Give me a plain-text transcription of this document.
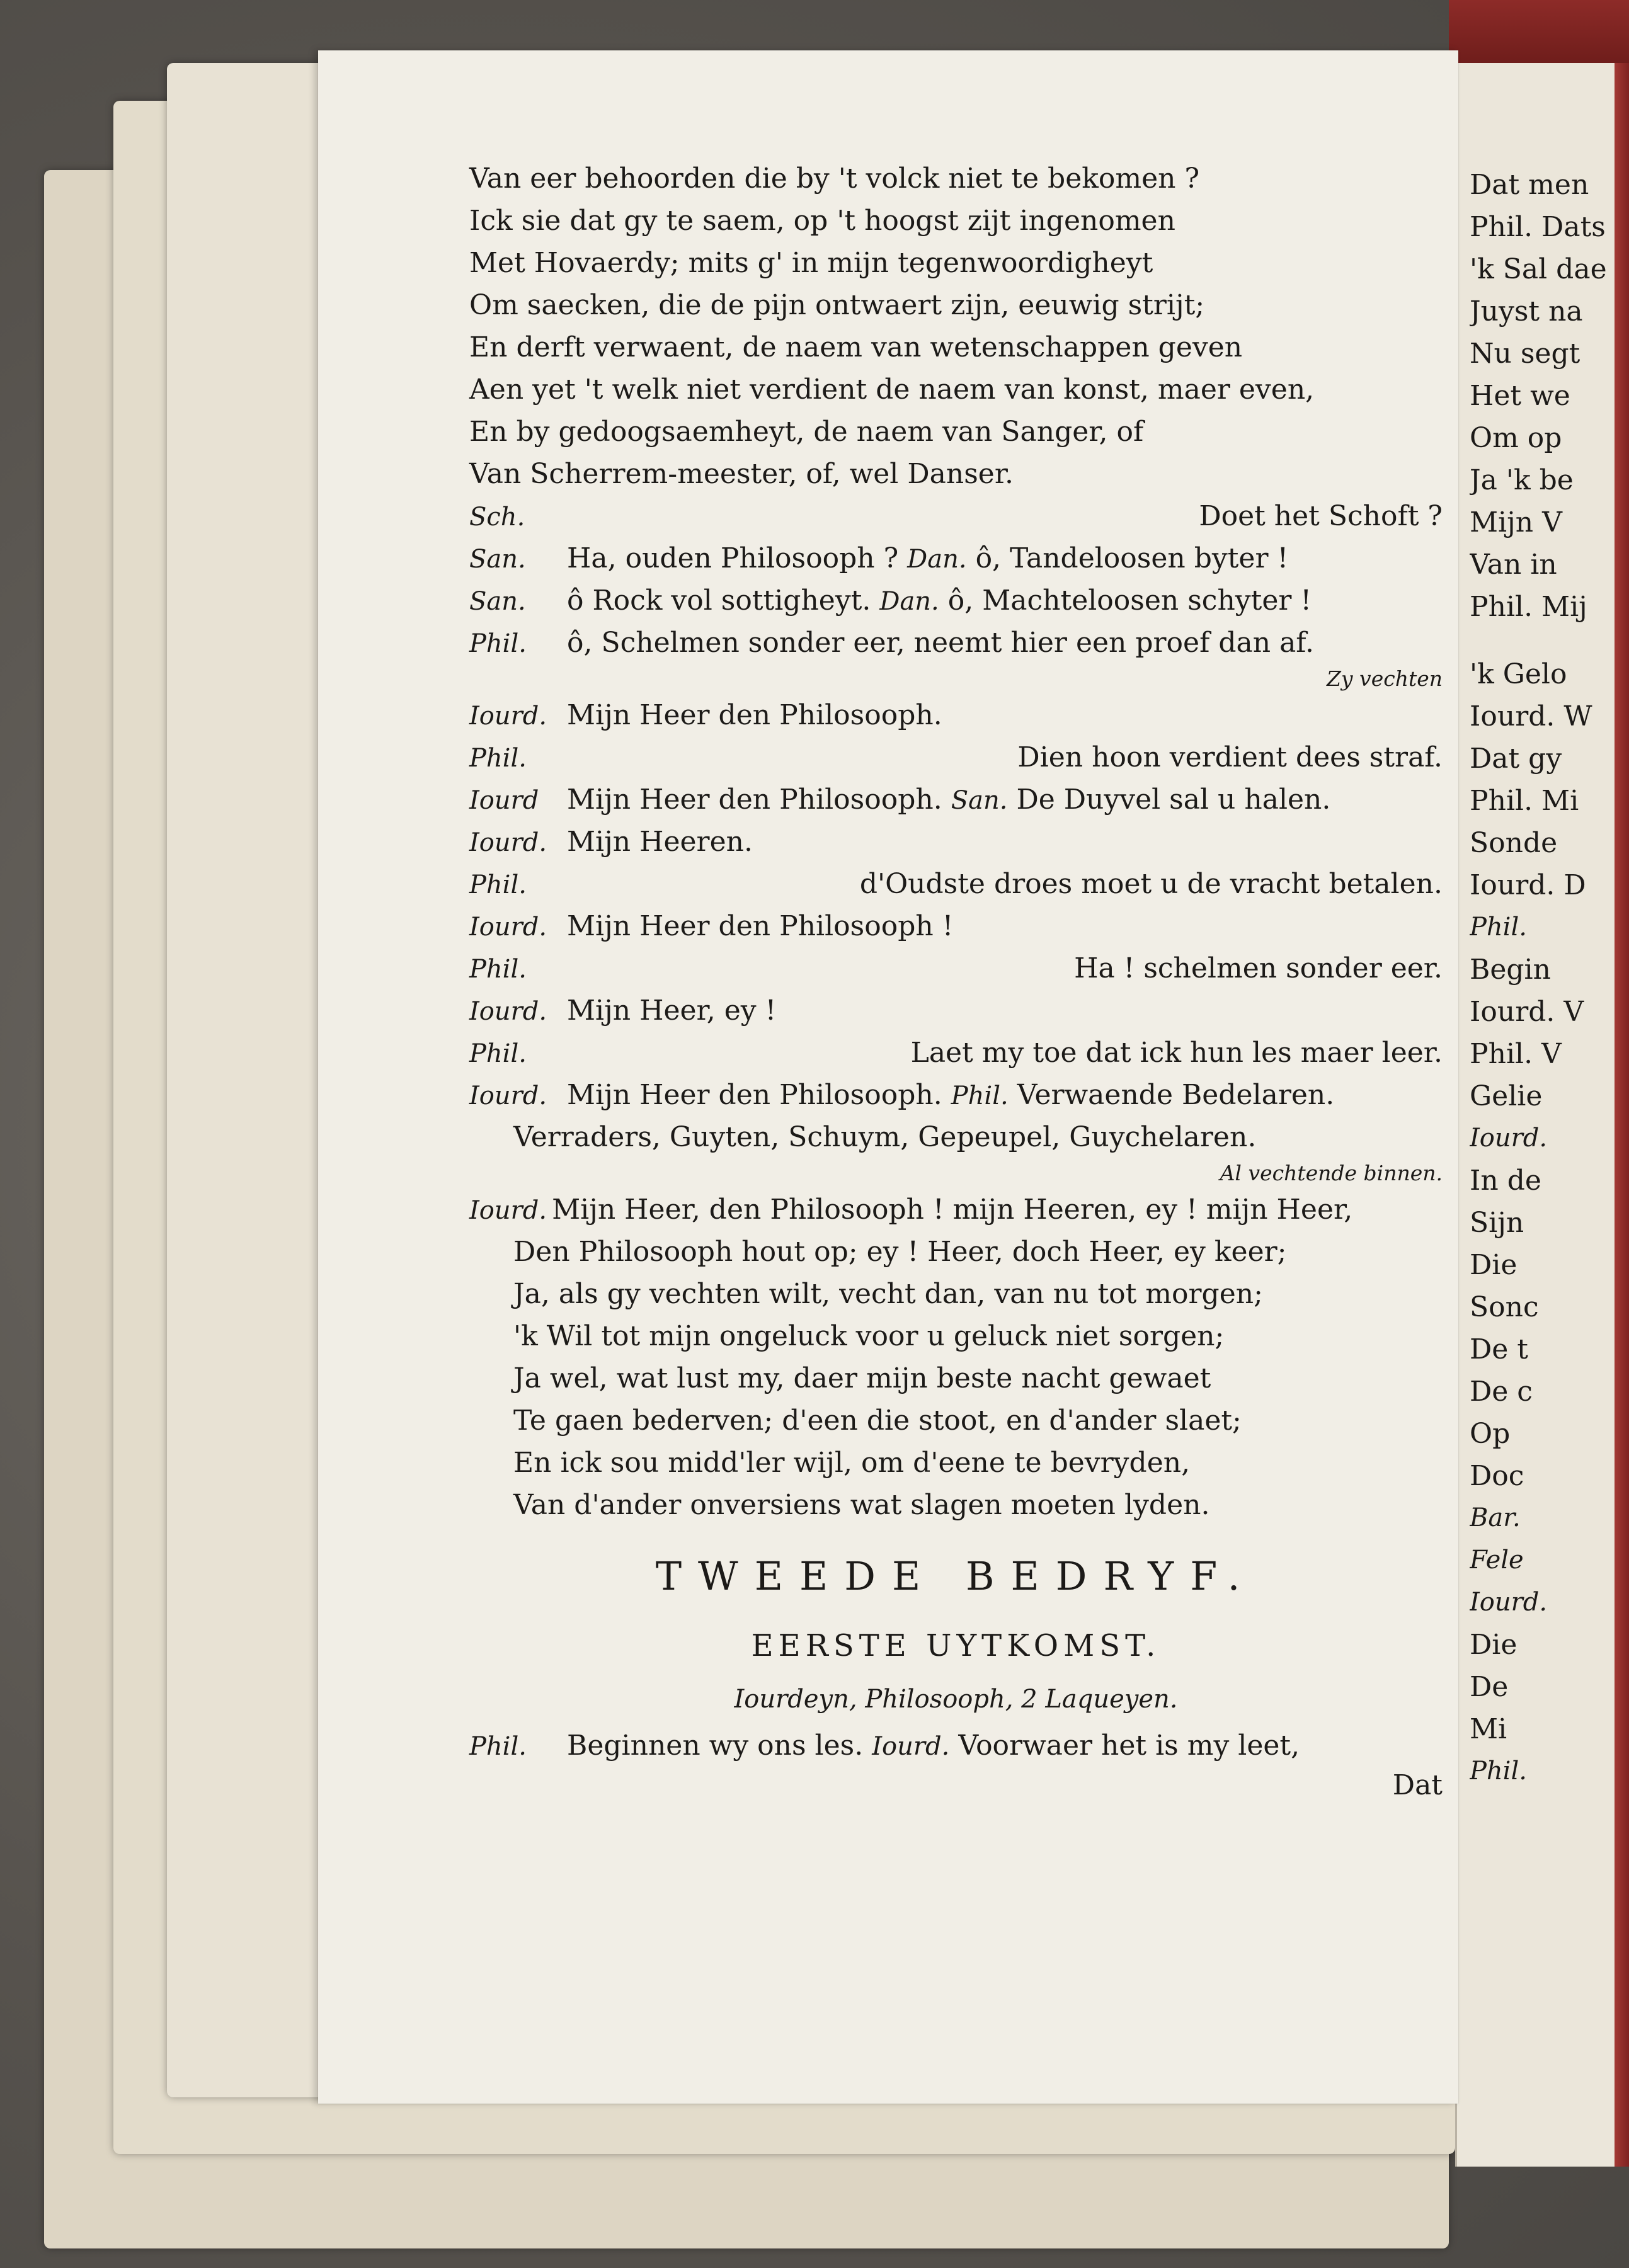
Dat men
Phil. Dats
'k Sal dae
Juyst na
Nu segt
Het we
Om op
Ja 'k be
Mijn V
Van in
Phil. Mij
'k Gelo
Iourd. W
Dat gy
Phil. Mi
Sonde
Iourd. D
Phil.
Begin
Iourd. V
Phil. V
Gelie
Iourd.
In de
Sijn
Die
Sonc
De t
De c
Op
Doc
Bar.
Fele
Iourd.
Die
De
Mi
Phil.
Van eer behoorden die by 't volck niet te bekomen ?
Ick sie dat gy te saem, op 't hoogst zijt ingenomen
Met Hovaerdy; mits g' in mijn tegenwoordigheyt
Om saecken, die de pijn ontwaert zijn, eeuwig strijt;
En derft verwaent, de naem van wetenschappen geven
Aen yet 't welk niet verdient de naem van konst, maer even,
En by gedoogsaemheyt, de naem van Sanger, of
Van Scherrem-meester, of, wel Danser.
Sch.	Doet het Schoft ?
San. Ha, ouden Philosooph ? Dan. ô, Tandeloosen byter !
San. ô Rock vol sottigheyt. Dan. ô, Machteloosen schyter !
Phil. ô, Schelmen sonder eer, neemt hier een proef dan af.
Zy vechten
Iourd. Mijn Heer den Philosooph.
Phil.	Dien hoon verdient dees straf.
Iourd Mijn Heer den Philosooph. San. De Duyvel sal u halen.
Iourd. Mijn Heeren.
Phil.	d'Oudste droes moet u de vracht betalen.
Iourd. Mijn Heer den Philosooph !
Phil.	Ha ! schelmen sonder eer.
Iourd. Mijn Heer, ey !
Phil.	Laet my toe dat ick hun les maer leer.
Iourd. Mijn Heer den Philosooph. Phil. Verwaende Bedelaren.
Verraders, Guyten, Schuym, Gepeupel, Guychelaren.
Al vechtende binnen.
Iourd. Mijn Heer, den Philosooph ! mijn Heeren, ey ! mijn Heer,
Den Philosooph hout op; ey ! Heer, doch Heer, ey keer;
Ja, als gy vechten wilt, vecht dan, van nu tot morgen;
'k Wil tot mijn ongeluck voor u geluck niet sorgen;
Ja wel, wat lust my, daer mijn beste nacht gewaet
Te gaen bederven; d'een die stoot, en d'ander slaet;
En ick sou midd'ler wijl, om d'eene te bevryden,
Van d'ander onversiens wat slagen moeten lyden.
TWEEDE BEDRYF.
EERSTE UYTKOMST.
Iourdeyn, Philosooph, 2 Laqueyen.
Phil. Beginnen wy ons les. Iourd. Voorwaer het is my leet,
Dat
